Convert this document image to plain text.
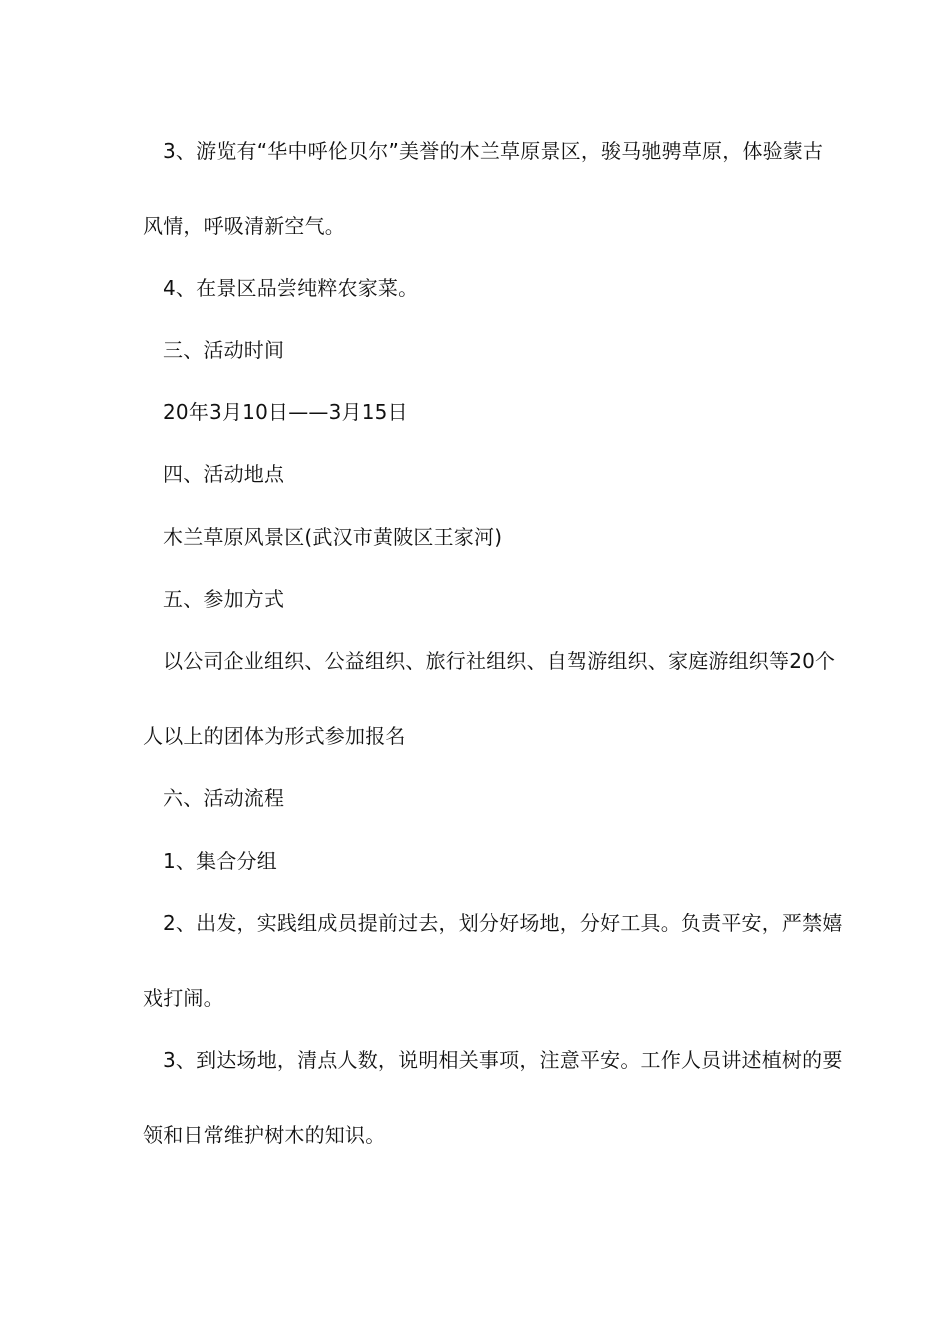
3、游览有“华中呼伦贝尔”美誉的木兰草原景区，骏马驰骋草原，体验蒙古
风情，呼吸清新空气。
4、在景区品尝纯粹农家菜。
三、活动时间
20年3月10日——3月15日
四、活动地点
木兰草原风景区(武汉市黄陂区王家河)
五、参加方式
以公司企业组织、公益组织、旅行社组织、自驾游组织、家庭游组织等20个
人以上的团体为形式参加报名
六、活动流程
1、集合分组
2、出发，实践组成员提前过去，划分好场地，分好工具。负责平安，严禁嬉
戏打闹。
3、到达场地，清点人数，说明相关事项，注意平安。工作人员讲述植树的要
领和日常维护树木的知识。
